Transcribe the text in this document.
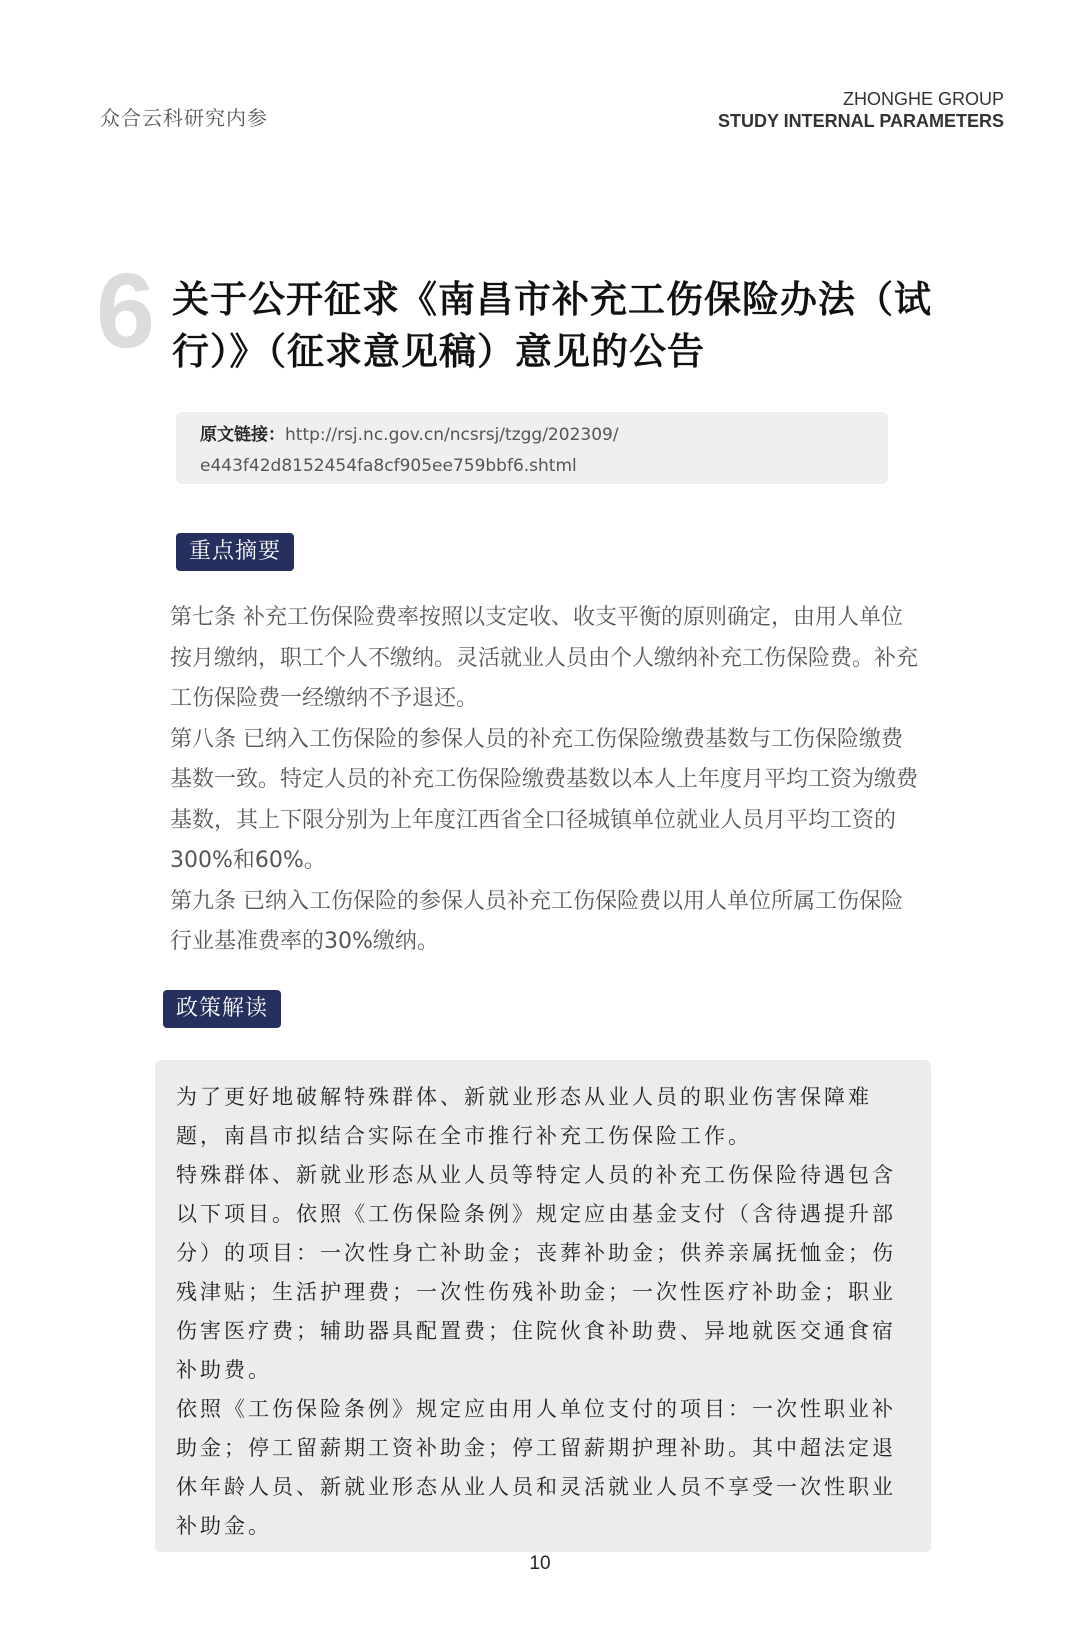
众合云科研究内参
ZHONGHE GROUP
STUDY INTERNAL PARAMETERS
6 关于公开征求《南昌市补充工伤保险办法（试行）》（征求意见稿）意见的公告
原文链接：http://rsj.nc.gov.cn/ncsrsj/tzgg/202309/
e443f42d8152454fa8cf905ee759bbf6.shtml
重点摘要

第七条 补充工伤保险费率按照以支定收、收支平衡的原则确定，由用人单位按月缴纳，职工个人不缴纳。灵活就业人员由个人缴纳补充工伤保险费。补充工伤保险费一经缴纳不予退还。

第八条 已纳入工伤保险的参保人员的补充工伤保险缴费基数与工伤保险缴费基数一致。特定人员的补充工伤保险缴费基数以本人上年度月平均工资为缴费基数，其上下限分别为上年度江西省全口径城镇单位就业人员月平均工资的300%和60%。

第九条 已纳入工伤保险的参保人员补充工伤保险费以用人单位所属工伤保险行业基准费率的30%缴纳。

政策解读

为了更好地破解特殊群体、新就业形态从业人员的职业伤害保障难题，南昌市拟结合实际在全市推行补充工伤保险工作。

特殊群体、新就业形态从业人员等特定人员的补充工伤保险待遇包含以下项目。依照《工伤保险条例》规定应由基金支付（含待遇提升部分）的项目：一次性身亡补助金；丧葬补助金；供养亲属抚恤金；伤残津贴；生活护理费；一次性伤残补助金；一次性医疗补助金；职业伤害医疗费；辅助器具配置费；住院伙食补助费、异地就医交通食宿补助费。

依照《工伤保险条例》规定应由用人单位支付的项目：一次性职业补助金；停工留薪期工资补助金；停工留薪期护理补助。其中超法定退休年龄人员、新就业形态从业人员和灵活就业人员不享受一次性职业补助金。

10
